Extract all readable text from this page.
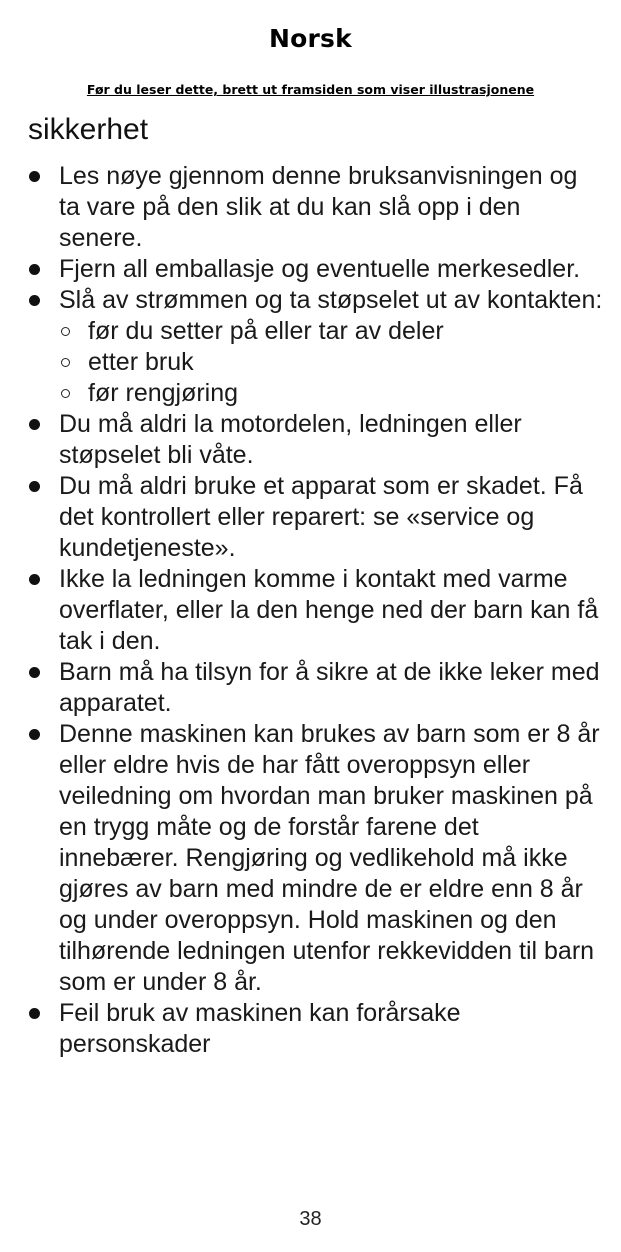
Norsk
Før du leser dette, brett ut framsiden som viser illustrasjonene
sikkerhet
Les nøye gjennom denne bruksanvisningen og ta vare på den slik at du kan slå opp i den senere.
Fjern all emballasje og eventuelle merkesedler.
Slå av strømmen og ta støpselet ut av kontakten:
før du setter på eller tar av deler
etter bruk
før rengjøring
Du må aldri la motordelen, ledningen eller støpselet bli våte.
Du må aldri bruke et apparat som er skadet. Få det kontrollert eller reparert: se «service og kundetjeneste».
Ikke la ledningen komme i kontakt med varme overflater, eller la den henge ned der barn kan få tak i den.
Barn må ha tilsyn for å sikre at de ikke leker med apparatet.
Denne maskinen kan brukes av barn som er 8 år eller eldre hvis de har fått overoppsyn eller veiledning om hvordan man bruker maskinen på en trygg måte og de forstår farene det innebærer. Rengjøring og vedlikehold må ikke gjøres av barn med mindre de er eldre enn 8 år og under overoppsyn. Hold maskinen og den tilhørende ledningen utenfor rekkevidden til barn som er under 8 år.
Feil bruk av maskinen kan forårsake personskader
38
